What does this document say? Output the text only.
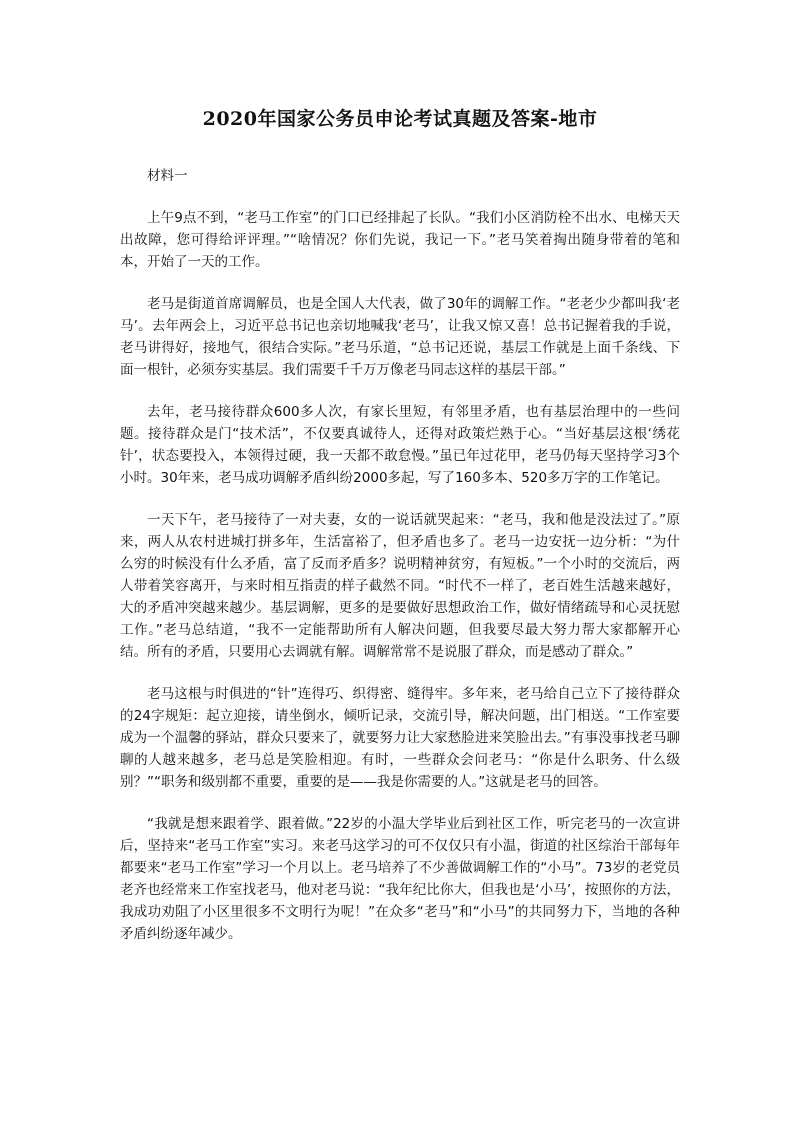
2020年国家公务员申论考试真题及答案-地市
材料一

上午9点不到，“老马工作室”的门口已经排起了长队。“我们小区消防栓不出水、电梯天天出故障，您可得给评评理。”“啥情况？你们先说，我记一下。”老马笑着掏出随身带着的笔和本，开始了一天的工作。

老马是街道首席调解员，也是全国人大代表，做了30年的调解工作。“老老少少都叫我‘老马’。去年两会上，习近平总书记也亲切地喊我‘老马’，让我又惊又喜！总书记握着我的手说，老马讲得好，接地气，很结合实际。”老马乐道，“总书记还说，基层工作就是上面千条线、下面一根针，必须夯实基层。我们需要千千万万像老马同志这样的基层干部。”

去年，老马接待群众600多人次，有家长里短，有邻里矛盾，也有基层治理中的一些问题。接待群众是门“技术活”，不仅要真诚待人，还得对政策烂熟于心。“当好基层这根‘绣花针’，状态要投入，本领得过硬，我一天都不敢怠慢。”虽已年过花甲，老马仍每天坚持学习3个小时。30年来，老马成功调解矛盾纠纷2000多起，写了160多本、520多万字的工作笔记。

一天下午，老马接待了一对夫妻，女的一说话就哭起来：“老马，我和他是没法过了。”原来，两人从农村进城打拼多年，生活富裕了，但矛盾也多了。老马一边安抚一边分析：“为什么穷的时候没有什么矛盾，富了反而矛盾多？说明精神贫穷，有短板。”一个小时的交流后，两人带着笑容离开，与来时相互指责的样子截然不同。“时代不一样了，老百姓生活越来越好，大的矛盾冲突越来越少。基层调解，更多的是要做好思想政治工作，做好情绪疏导和心灵抚慰工作。”老马总结道，“我不一定能帮助所有人解决问题，但我要尽最大努力帮大家都解开心结。所有的矛盾，只要用心去调就有解。调解常常不是说服了群众，而是感动了群众。”

老马这根与时俱进的“针”连得巧、织得密、缝得牢。多年来，老马给自己立下了接待群众的24字规矩：起立迎接，请坐倒水，倾听记录，交流引导，解决问题，出门相送。“工作室要成为一个温馨的驿站，群众只要来了，就要努力让大家愁脸进来笑脸出去。”有事没事找老马聊聊的人越来越多，老马总是笑脸相迎。有时，一些群众会问老马：“你是什么职务、什么级别？”“职务和级别都不重要，重要的是——我是你需要的人。”这就是老马的回答。

“我就是想来跟着学、跟着做。”22岁的小温大学毕业后到社区工作，听完老马的一次宣讲后，坚持来“老马工作室”实习。来老马这学习的可不仅仅只有小温，街道的社区综治干部每年都要来“老马工作室”学习一个月以上。老马培养了不少善做调解工作的“小马”。73岁的老党员老齐也经常来工作室找老马，他对老马说：“我年纪比你大，但我也是‘小马’，按照你的方法，我成功劝阻了小区里很多不文明行为呢！”在众多“老马”和“小马”的共同努力下，当地的各种矛盾纠纷逐年减少。
